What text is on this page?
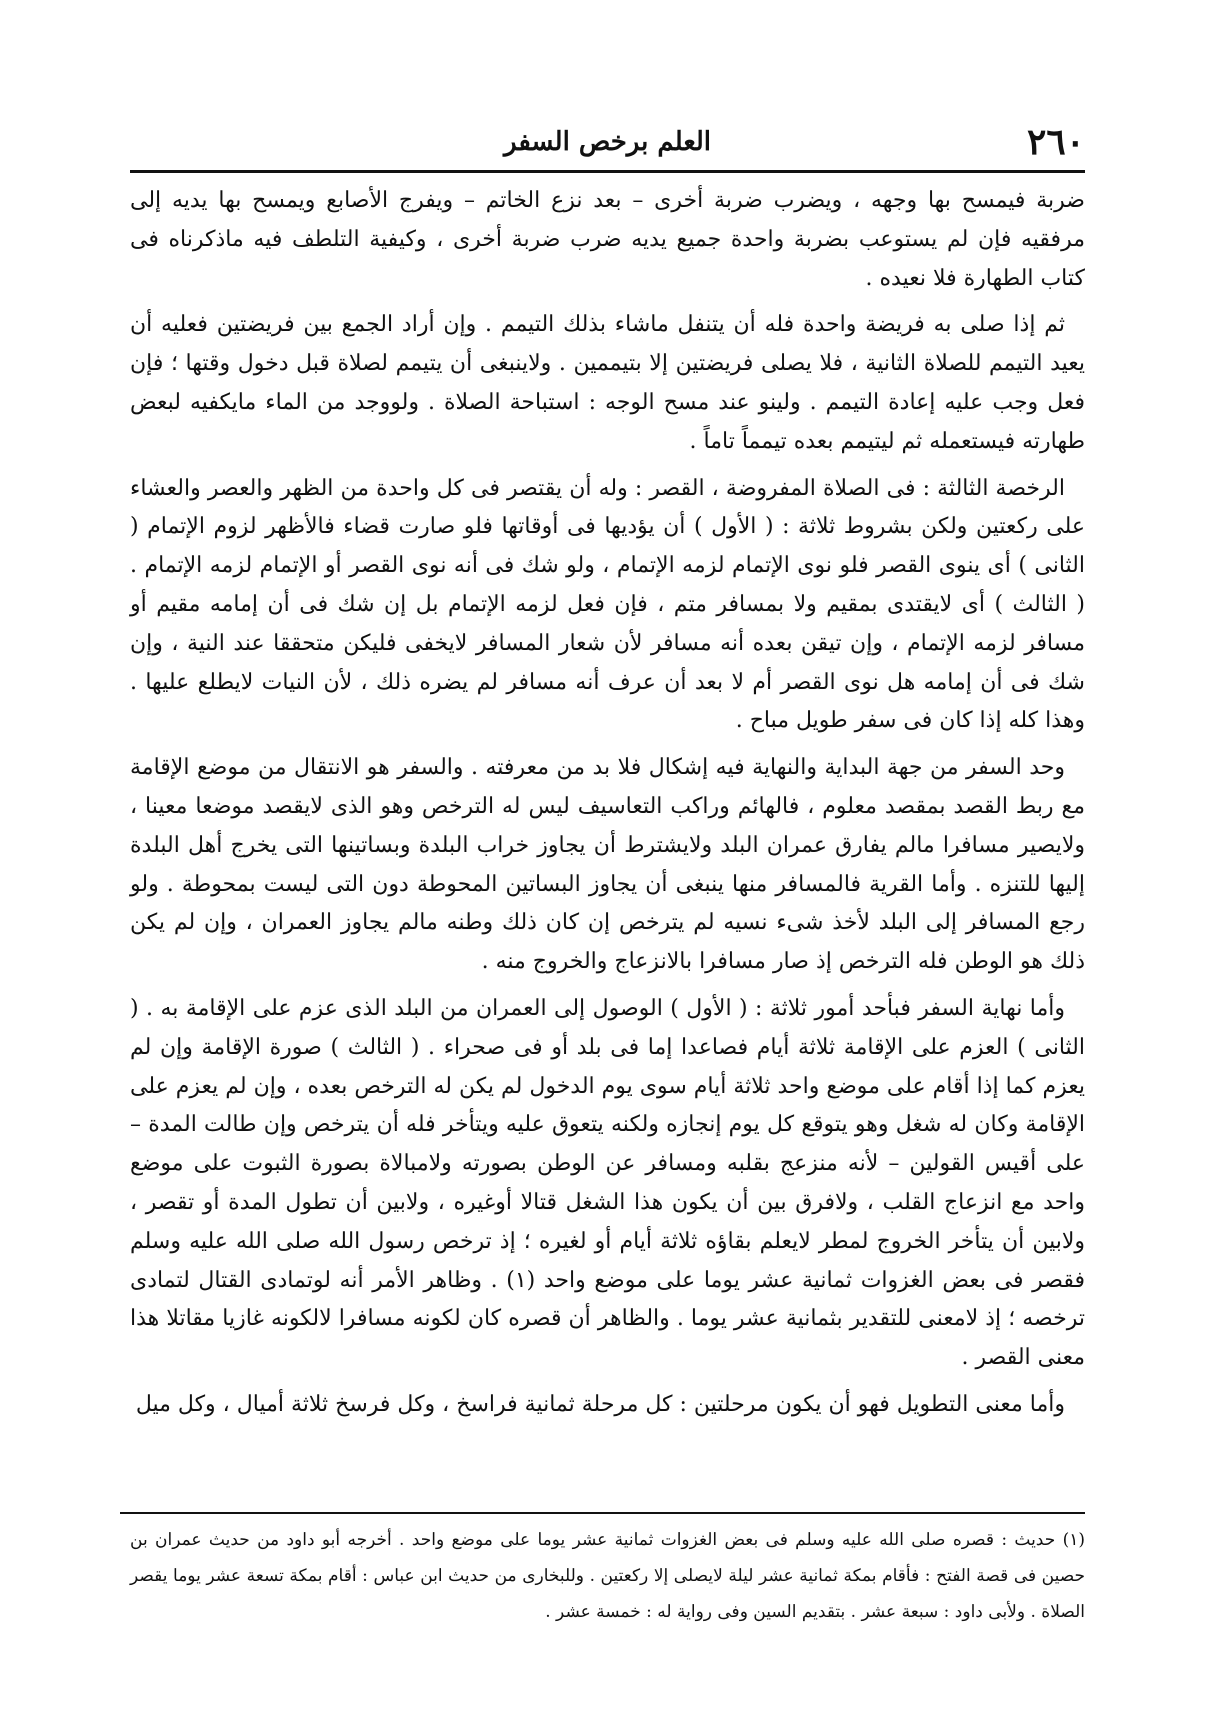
٢٦٠
العلم برخص السفر

ضربة فيمسح بها وجهه ، ويضرب ضربة أخرى – بعد نزع الخاتم – ويفرج الأصابع ويمسح بها يديه إلى مرفقيه فإن لم يستوعب بضربة واحدة جميع يديه ضرب ضربة أخرى ، وكيفية التلطف فيه ماذكرناه فى كتاب الطهارة فلا نعيده .

ثم إذا صلى به فريضة واحدة فله أن يتنفل ماشاء بذلك التيمم . وإن أراد الجمع بين فريضتين فعليه أن يعيد التيمم للصلاة الثانية ، فلا يصلى فريضتين إلا بتيممين . ولاينبغى أن يتيمم لصلاة قبل دخول وقتها ؛ فإن فعل وجب عليه إعادة التيمم . ولينو عند مسح الوجه : استباحة الصلاة . ولووجد من الماء مايكفيه لبعض طهارته فيستعمله ثم ليتيمم بعده تيمماً تاماً .

الرخصة الثالثة : فى الصلاة المفروضة ، القصر : وله أن يقتصر فى كل واحدة من الظهر والعصر والعشاء على ركعتين ولكن بشروط ثلاثة : ( الأول ) أن يؤديها فى أوقاتها فلو صارت قضاء فالأظهر لزوم الإتمام ( الثانى ) أى ينوى القصر فلو نوى الإتمام لزمه الإتمام ، ولو شك فى أنه نوى القصر أو الإتمام لزمه الإتمام . ( الثالث ) أى لايقتدى بمقيم ولا بمسافر متم ، فإن فعل لزمه الإتمام بل إن شك فى أن إمامه مقيم أو مسافر لزمه الإتمام ، وإن تيقن بعده أنه مسافر لأن شعار المسافر لايخفى فليكن متحققا عند النية ، وإن شك فى أن إمامه هل نوى القصر أم لا بعد أن عرف أنه مسافر لم يضره ذلك ، لأن النيات لايطلع عليها . وهذا كله إذا كان فى سفر طويل مباح .

وحد السفر من جهة البداية والنهاية فيه إشكال فلا بد من معرفته . والسفر هو الانتقال من موضع الإقامة مع ربط القصد بمقصد معلوم ، فالهائم وراكب التعاسيف ليس له الترخص وهو الذى لايقصد موضعا معينا ، ولايصير مسافرا مالم يفارق عمران البلد ولايشترط أن يجاوز خراب البلدة وبساتينها التى يخرج أهل البلدة إليها للتنزه . وأما القرية فالمسافر منها ينبغى أن يجاوز البساتين المحوطة دون التى ليست بمحوطة . ولو رجع المسافر إلى البلد لأخذ شىء نسيه لم يترخص إن كان ذلك وطنه مالم يجاوز العمران ، وإن لم يكن ذلك هو الوطن فله الترخص إذ صار مسافرا بالانزعاج والخروج منه .

وأما نهاية السفر فبأحد أمور ثلاثة : ( الأول ) الوصول إلى العمران من البلد الذى عزم على الإقامة به . ( الثانى ) العزم على الإقامة ثلاثة أيام فصاعدا إما فى بلد أو فى صحراء . ( الثالث ) صورة الإقامة وإن لم يعزم كما إذا أقام على موضع واحد ثلاثة أيام سوى يوم الدخول لم يكن له الترخص بعده ، وإن لم يعزم على الإقامة وكان له شغل وهو يتوقع كل يوم إنجازه ولكنه يتعوق عليه ويتأخر فله أن يترخص وإن طالت المدة – على أقيس القولين – لأنه منزعج بقلبه ومسافر عن الوطن بصورته ولامبالاة بصورة الثبوت على موضع واحد مع انزعاج القلب ، ولافرق بين أن يكون هذا الشغل قتالا أوغيره ، ولابين أن تطول المدة أو تقصر ، ولابين أن يتأخر الخروج لمطر لايعلم بقاؤه ثلاثة أيام أو لغيره ؛ إذ ترخص رسول الله صلى الله عليه وسلم فقصر فى بعض الغزوات ثمانية عشر يوما على موضع واحد (١) . وظاهر الأمر أنه لوتمادى القتال لتمادى ترخصه ؛ إذ لامعنى للتقدير بثمانية عشر يوما . والظاهر أن قصره كان لكونه مسافرا لالكونه غازيا مقاتلا هذا معنى القصر .

وأما معنى التطويل فهو أن يكون مرحلتين : كل مرحلة ثمانية فراسخ ، وكل فرسخ ثلاثة أميال ، وكل ميل

(١) حديث : قصره صلى الله عليه وسلم فى بعض الغزوات ثمانية عشر يوما على موضع واحد . أخرجه أبو داود من حديث عمران بن حصين فى قصة الفتح : فأقام بمكة ثمانية عشر ليلة لايصلى إلا ركعتين . وللبخارى من حديث ابن عباس : أقام بمكة تسعة عشر يوما يقصر الصلاة . ولأبى داود : سبعة عشر . بتقديم السين وفى رواية له : خمسة عشر .
